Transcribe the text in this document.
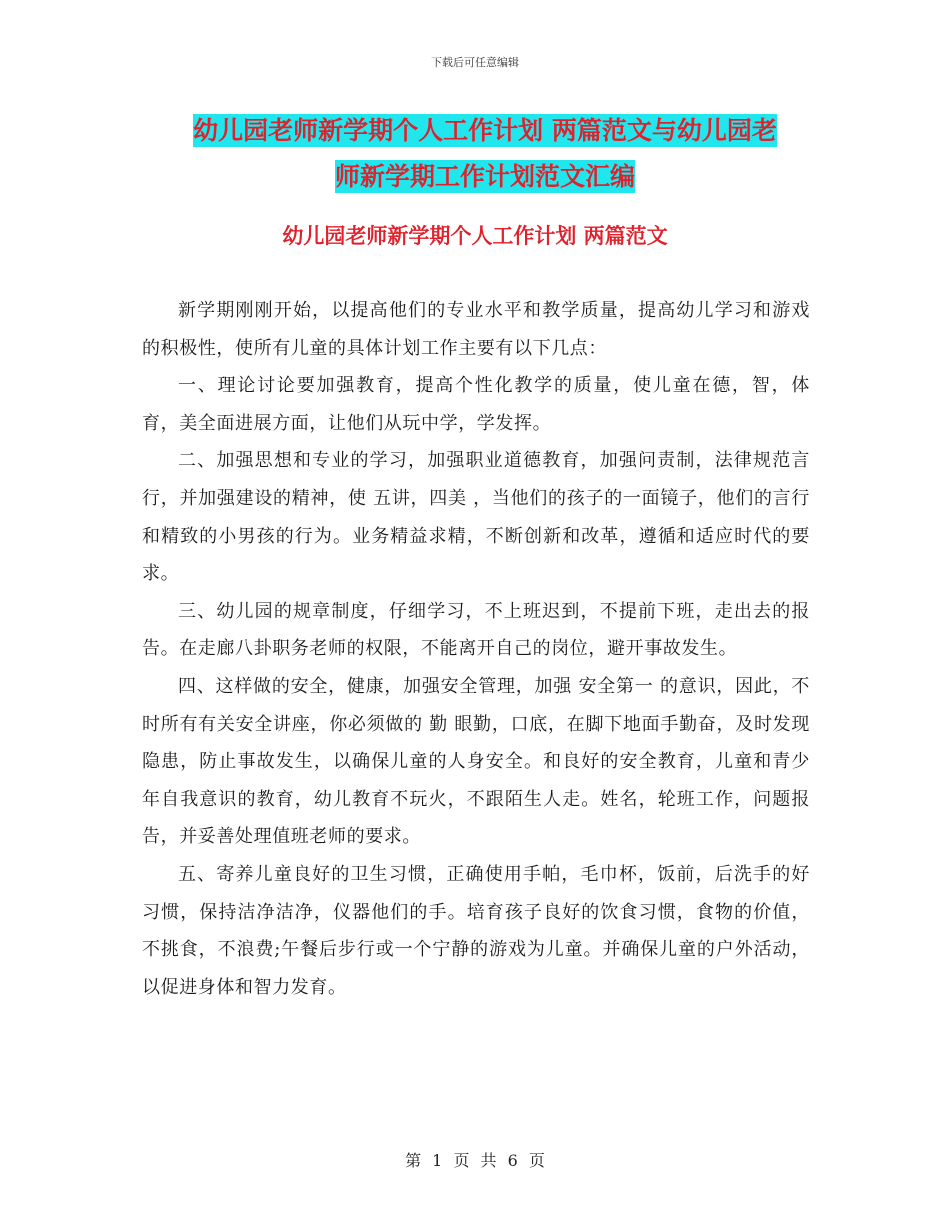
下载后可任意编辑
幼儿园老师新学期个人工作计划 两篇范文与幼儿园老
师新学期工作计划范文汇编
幼儿园老师新学期个人工作计划 两篇范文

新学期刚刚开始，以提高他们的专业水平和教学质量，提高幼儿学习和游戏的积极性，使所有儿童的具体计划工作主要有以下几点：

一、理论讨论要加强教育，提高个性化教学的质量，使儿童在德，智，体育，美全面进展方面，让他们从玩中学，学发挥。

二、加强思想和专业的学习，加强职业道德教育，加强问责制，法律规范言行，并加强建设的精神，使 五讲，四美 ，当他们的孩子的一面镜子，他们的言行和精致的小男孩的行为。业务精益求精，不断创新和改革，遵循和适应时代的要求。

三、幼儿园的规章制度，仔细学习，不上班迟到，不提前下班，走出去的报告。在走廊八卦职务老师的权限，不能离开自己的岗位，避开事故发生。

四、这样做的安全，健康，加强安全管理，加强 安全第一 的意识，因此，不时所有有关安全讲座，你必须做的 勤 眼勤，口底，在脚下地面手勤奋，及时发现隐患，防止事故发生，以确保儿童的人身安全。和良好的安全教育，儿童和青少年自我意识的教育，幼儿教育不玩火，不跟陌生人走。姓名，轮班工作，问题报告，并妥善处理值班老师的要求。

五、寄养儿童良好的卫生习惯，正确使用手帕，毛巾杯，饭前，后洗手的好习惯，保持洁净洁净，仪器他们的手。培育孩子良好的饮食习惯，食物的价值，不挑食，不浪费;午餐后步行或一个宁静的游戏为儿童。并确保儿童的户外活动，以促进身体和智力发育。

第 1 页 共 6 页
